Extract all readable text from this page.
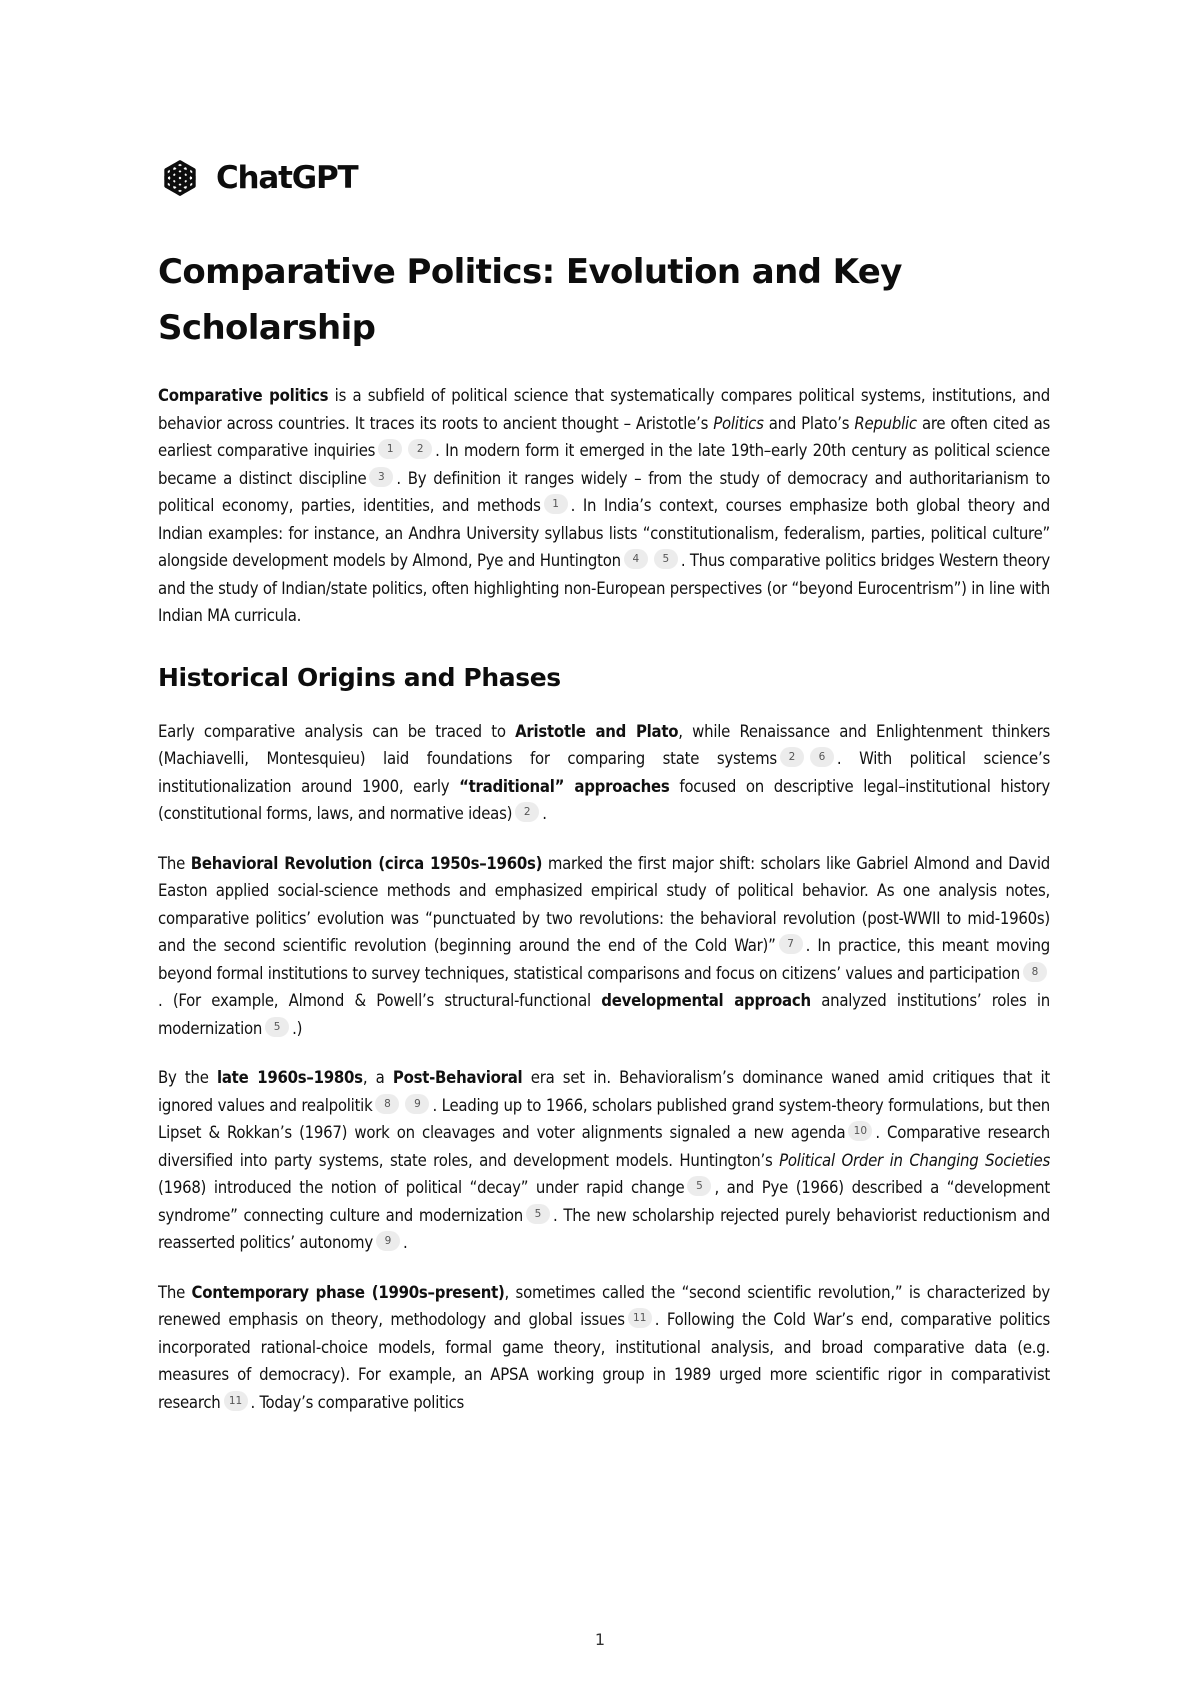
ChatGPT
Comparative Politics: Evolution and Key Scholarship

Comparative politics is a subfield of political science that systematically compares political systems, institutions, and behavior across countries. It traces its roots to ancient thought – Aristotle’s Politics and Plato’s Republic are often cited as earliest comparative inquiries 1 2 . In modern form it emerged in the late 19th–early 20th century as political science became a distinct discipline 3 . By definition it ranges widely – from the study of democracy and authoritarianism to political economy, parties, identities, and methods 1 . In India’s context, courses emphasize both global theory and Indian examples: for instance, an Andhra University syllabus lists “constitutionalism, federalism, parties, political culture” alongside development models by Almond, Pye and Huntington 4 5 . Thus comparative politics bridges Western theory and the study of Indian/state politics, often highlighting non-European perspectives (or “beyond Eurocentrism”) in line with Indian MA curricula.

Historical Origins and Phases

Early comparative analysis can be traced to Aristotle and Plato, while Renaissance and Enlightenment thinkers (Machiavelli, Montesquieu) laid foundations for comparing state systems 2 6 . With political science’s institutionalization around 1900, early “traditional” approaches focused on descriptive legal–institutional history (constitutional forms, laws, and normative ideas) 2 .

The Behavioral Revolution (circa 1950s–1960s) marked the first major shift: scholars like Gabriel Almond and David Easton applied social-science methods and emphasized empirical study of political behavior. As one analysis notes, comparative politics’ evolution was “punctuated by two revolutions: the behavioral revolution (post-WWII to mid-1960s) and the second scientific revolution (beginning around the end of the Cold War)” 7 . In practice, this meant moving beyond formal institutions to survey techniques, statistical comparisons and focus on citizens’ values and participation 8. (For example, Almond & Powell’s structural-functional developmental approach analyzed institutions’ roles in modernization 5 .)

By the late 1960s–1980s, a Post-Behavioral era set in. Behavioralism’s dominance waned amid critiques that it ignored values and realpolitik 8 9 . Leading up to 1966, scholars published grand system-theory formulations, but then Lipset & Rokkan’s (1967) work on cleavages and voter alignments signaled a new agenda 10 . Comparative research diversified into party systems, state roles, and development models. Huntington’s Political Order in Changing Societies (1968) introduced the notion of political “decay” under rapid change 5 , and Pye (1966) described a “development syndrome” connecting culture and modernization 5 . The new scholarship rejected purely behaviorist reductionism and reasserted politics’ autonomy 9 .

The Contemporary phase (1990s–present), sometimes called the “second scientific revolution,” is characterized by renewed emphasis on theory, methodology and global issues 11 . Following the Cold War’s end, comparative politics incorporated rational-choice models, formal game theory, institutional analysis, and broad comparative data (e.g. measures of democracy). For example, an APSA working group in 1989 urged more scientific rigor in comparativist research 11 . Today’s comparative politics

1
